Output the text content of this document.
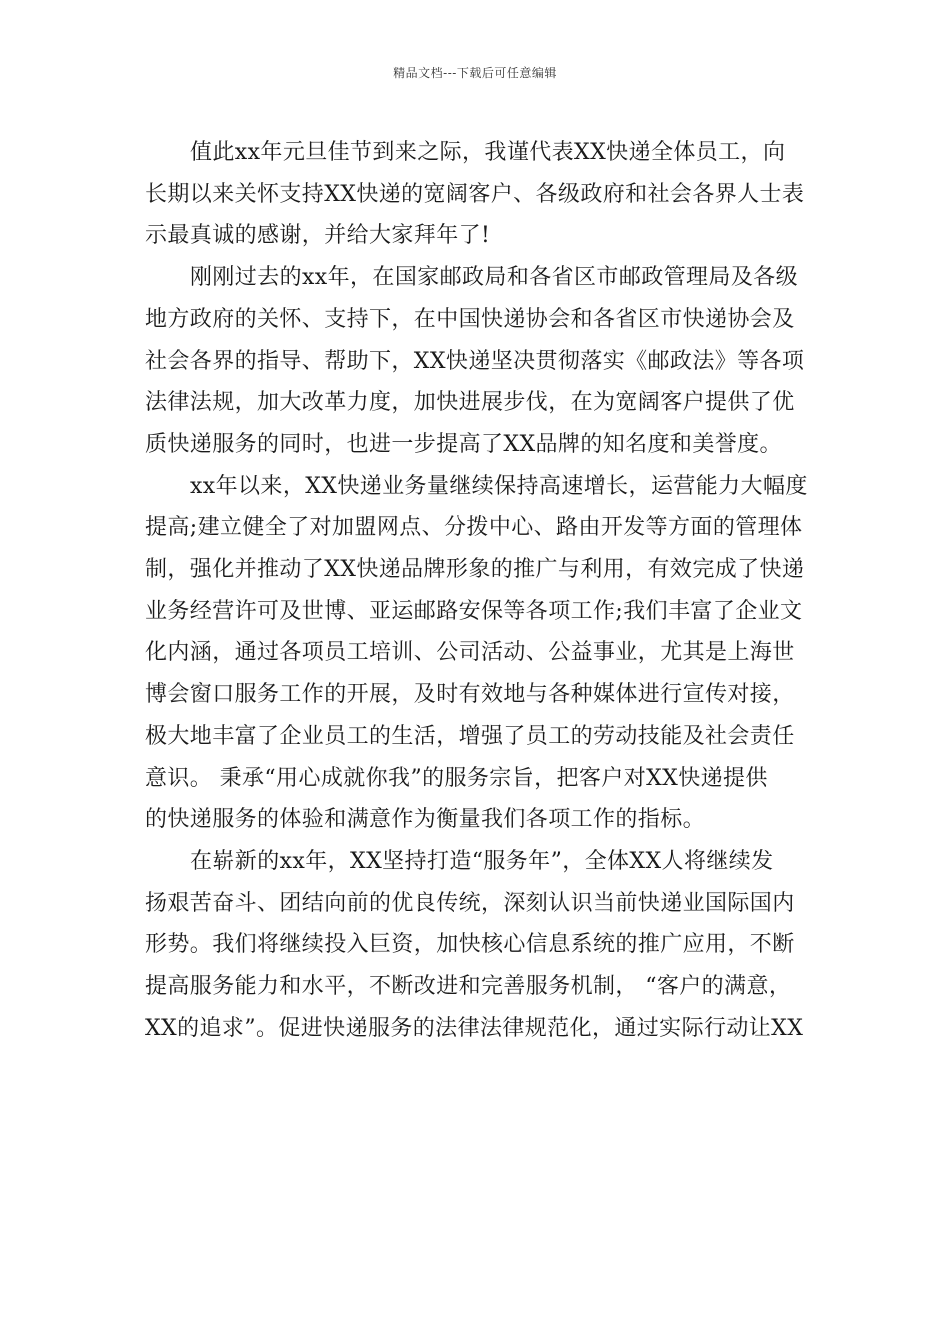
精品文档---下载后可任意编辑

值此xx年元旦佳节到来之际，我谨代表XX快递全体员工，向
长期以来关怀支持XX快递的宽阔客户、各级政府和社会各界人士表
示最真诚的感谢，并给大家拜年了!

刚刚过去的xx年，在国家邮政局和各省区市邮政管理局及各级
地方政府的关怀、支持下，在中国快递协会和各省区市快递协会及
社会各界的指导、帮助下，XX快递坚决贯彻落实《邮政法》等各项
法律法规，加大改革力度，加快进展步伐，在为宽阔客户提供了优
质快递服务的同时，也进一步提高了XX品牌的知名度和美誉度。

xx年以来，XX快递业务量继续保持高速增长，运营能力大幅度
提高;建立健全了对加盟网点、分拨中心、路由开发等方面的管理体
制，强化并推动了XX快递品牌形象的推广与利用，有效完成了快递
业务经营许可及世博、亚运邮路安保等各项工作;我们丰富了企业文
化内涵，通过各项员工培训、公司活动、公益事业，尤其是上海世
博会窗口服务工作的开展，及时有效地与各种媒体进行宣传对接，
极大地丰富了企业员工的生活，增强了员工的劳动技能及社会责任
意识。 秉承“用心成就你我”的服务宗旨，把客户对XX快递提供
的快递服务的体验和满意作为衡量我们各项工作的指标。

在崭新的xx年，XX坚持打造“服务年”，全体XX人将继续发
扬艰苦奋斗、团结向前的优良传统，深刻认识当前快递业国际国内
形势。我们将继续投入巨资，加快核心信息系统的推广应用，不断
提高服务能力和水平，不断改进和完善服务机制， “客户的满意，
XX的追求”。促进快递服务的法律法律规范化，通过实际行动让XX
